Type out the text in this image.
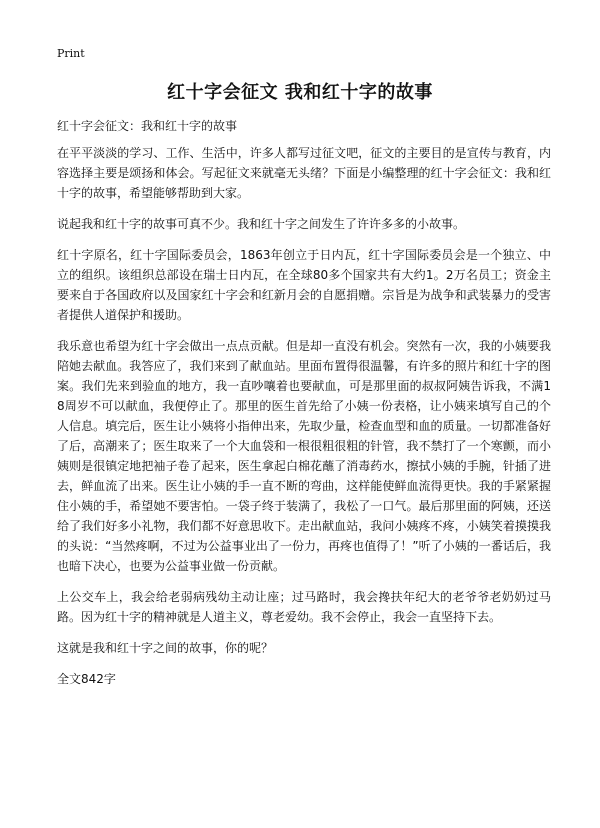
Print
红十字会征文 我和红十字的故事
红十字会征文：我和红十字的故事

在平平淡淡的学习、工作、生活中，许多人都写过征文吧，征文的主要目的是宣传与教育，内容选择主要是颂扬和体会。写起征文来就毫无头绪？下面是小编整理的红十字会征文：我和红十字的故事，希望能够帮助到大家。

说起我和红十字的故事可真不少。我和红十字之间发生了许许多多的小故事。

红十字原名，红十字国际委员会，1863年创立于日内瓦，红十字国际委员会是一个独立、中立的组织。该组织总部设在瑞士日内瓦，在全球80多个国家共有大约1。2万名员工；资金主要来自于各国政府以及国家红十字会和红新月会的自愿捐赠。宗旨是为战争和武装暴力的受害者提供人道保护和援助。

我乐意也希望为红十字会做出一点点贡献。但是却一直没有机会。突然有一次，我的小姨要我陪她去献血。我答应了，我们来到了献血站。里面布置得很温馨，有许多的照片和红十字的图案。我们先来到验血的地方，我一直吵嚷着也要献血，可是那里面的叔叔阿姨告诉我，不满18周岁不可以献血，我便停止了。那里的医生首先给了小姨一份表格，让小姨来填写自己的个人信息。填完后，医生让小姨将小指伸出来，先取少量，检查血型和血的质量。一切都准备好了后，高潮来了；医生取来了一个大血袋和一根很粗很粗的针管，我不禁打了一个寒颤，而小姨则是很镇定地把袖子卷了起来，医生拿起白棉花蘸了消毒药水，擦拭小姨的手腕，针插了进去，鲜血流了出来。医生让小姨的手一直不断的弯曲，这样能使鲜血流得更快。我的手紧紧握住小姨的手，希望她不要害怕。一袋子终于装满了，我松了一口气。最后那里面的阿姨，还送给了我们好多小礼物，我们都不好意思收下。走出献血站，我问小姨疼不疼，小姨笑着摸摸我的头说：“当然疼啊，不过为公益事业出了一份力，再疼也值得了！”听了小姨的一番话后，我也暗下决心，也要为公益事业做一份贡献。

上公交车上，我会给老弱病残幼主动让座；过马路时，我会搀扶年纪大的老爷爷老奶奶过马路。因为红十字的精神就是人道主义，尊老爱幼。我不会停止，我会一直坚持下去。

这就是我和红十字之间的故事，你的呢？

全文842字
